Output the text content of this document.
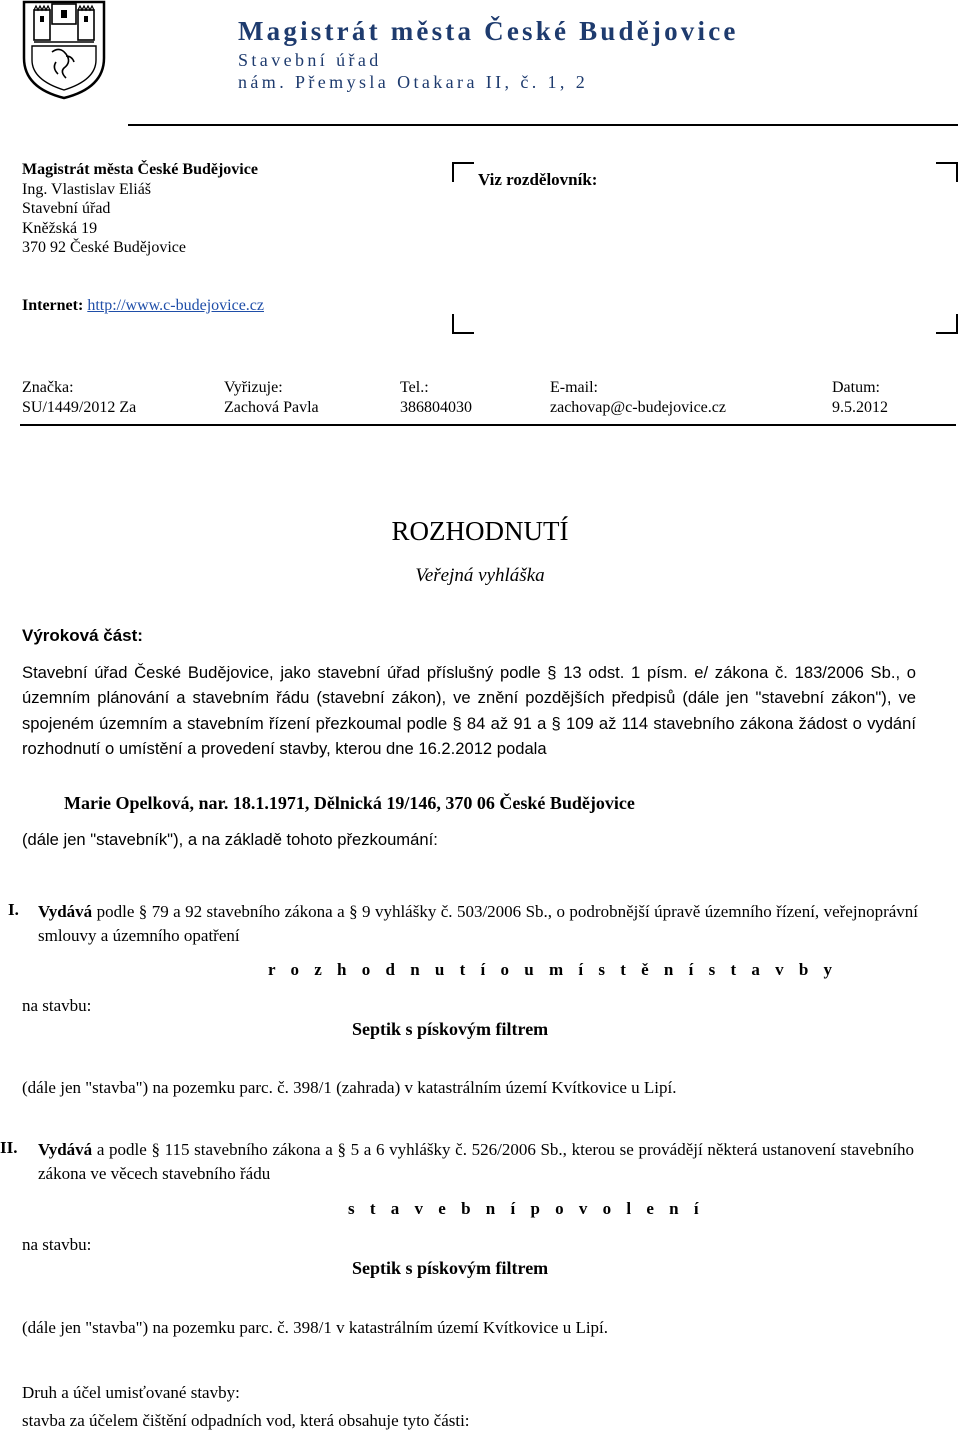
Magistrát města České Budějovice
Stavební úřad
nám. Přemysla Otakara II, č. 1, 2
Magistrát města České Budějovice
Ing. Vlastislav Eliáš
Stavební úřad
Kněžská 19
370 92 České Budějovice
Viz rozdělovník:
Internet: http://www.c-budejovice.cz
Značka:
SU/1449/2012 Za
Vyřizuje:
Zachová Pavla
Tel.:
386804030
E-mail:
zachovap@c-budejovice.cz
Datum:
9.5.2012
ROZHODNUTÍ
Veřejná vyhláška
Výroková část:
Stavební úřad České Budějovice, jako stavební úřad příslušný podle § 13 odst. 1 písm. e/ zákona č. 183/2006 Sb., o územním plánování a stavebním řádu (stavební zákon), ve znění pozdějších předpisů (dále jen "stavební zákon"), ve spojeném územním a stavebním řízení přezkoumal podle § 84 až 91 a § 109 až 114 stavebního zákona žádost o vydání rozhodnutí o umístění a provedení stavby, kterou dne 16.2.2012 podala
Marie Opelková, nar. 18.1.1971, Dělnická 19/146, 370 06 České Budějovice
(dále jen "stavebník"), a na základě tohoto přezkoumání:
I. Vydává podle § 79 a 92 stavebního zákona a § 9 vyhlášky č. 503/2006 Sb., o podrobnější úpravě územního řízení, veřejnoprávní smlouvy a územního opatření
r o z h o d n u t í o u m í s t ě n í s t a v b y
na stavbu:
Septik s pískovým filtrem
(dále jen "stavba") na pozemku parc. č. 398/1 (zahrada) v katastrálním území Kvítkovice u Lipí.
II. Vydává a podle § 115 stavebního zákona a § 5 a 6 vyhlášky č. 526/2006 Sb., kterou se provádějí některá ustanovení stavebního zákona ve věcech stavebního řádu
s t a v e b n í p o v o l e n í
na stavbu:
Septik s pískovým filtrem
(dále jen "stavba") na pozemku parc. č. 398/1 v katastrálním území Kvítkovice u Lipí.
Druh a účel umisťované stavby:
stavba za účelem čištění odpadních vod, která obsahuje tyto části:
